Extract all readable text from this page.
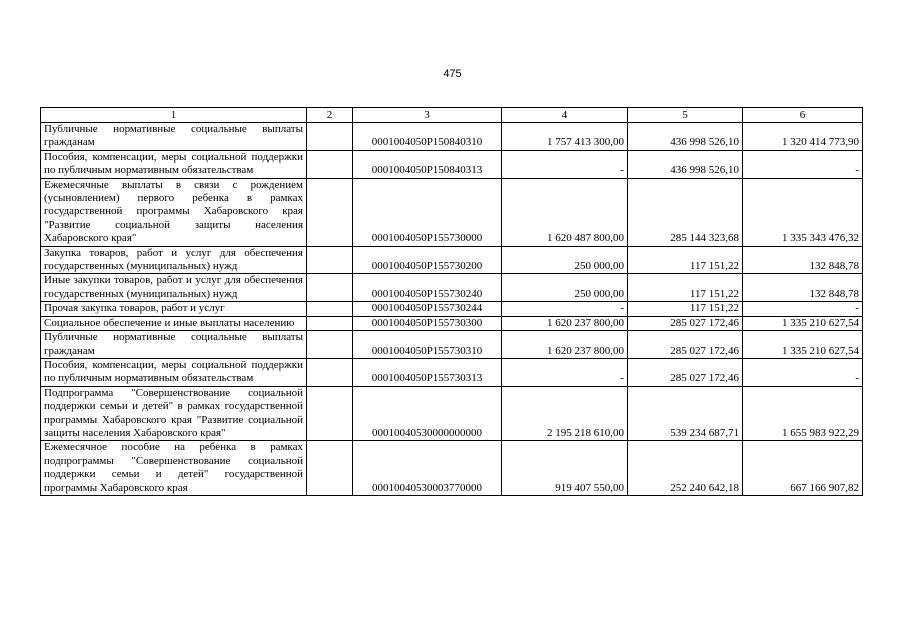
475
1	2	3	4	5	6
Публичные нормативные социальные выплаты гражданам		0001004050P150840310	1 757 413 300,00	436 998 526,10	1 320 414 773,90
Пособия, компенсации, меры социальной поддержки по публичным нормативным обязательствам		0001004050P150840313	-	436 998 526,10	-
Ежемесячные выплаты в связи с рождением (усыновлением) первого ребенка в рамках государственной программы Хабаровского края "Развитие социальной защиты населения Хабаровского края"		0001004050P155730000	1 620 487 800,00	285 144 323,68	1 335 343 476,32
Закупка товаров, работ и услуг для обеспечения государственных (муниципальных) нужд		0001004050P155730200	250 000,00	117 151,22	132 848,78
Иные закупки товаров, работ и услуг для обеспечения государственных (муниципальных) нужд		0001004050P155730240	250 000,00	117 151,22	132 848,78
Прочая закупка товаров, работ и услуг		0001004050P155730244	-	117 151,22	-
Социальное обеспечение и иные выплаты населению		0001004050P155730300	1 620 237 800,00	285 027 172,46	1 335 210 627,54
Публичные нормативные социальные выплаты гражданам		0001004050P155730310	1 620 237 800,00	285 027 172,46	1 335 210 627,54
Пособия, компенсации, меры социальной поддержки по публичным нормативным обязательствам		0001004050P155730313	-	285 027 172,46	-
Подпрограмма "Совершенствование социальной поддержки семьи и детей" в рамках государственной программы Хабаровского края "Развитие социальной защиты населения Хабаровского края"		00010040530000000000	2 195 218 610,00	539 234 687,71	1 655 983 922,29
Ежемесячное пособие на ребенка в рамках подпрограммы "Совершенствование социальной поддержки семьи и детей" государственной программы Хабаровского края		00010040530003770000	919 407 550,00	252 240 642,18	667 166 907,82
